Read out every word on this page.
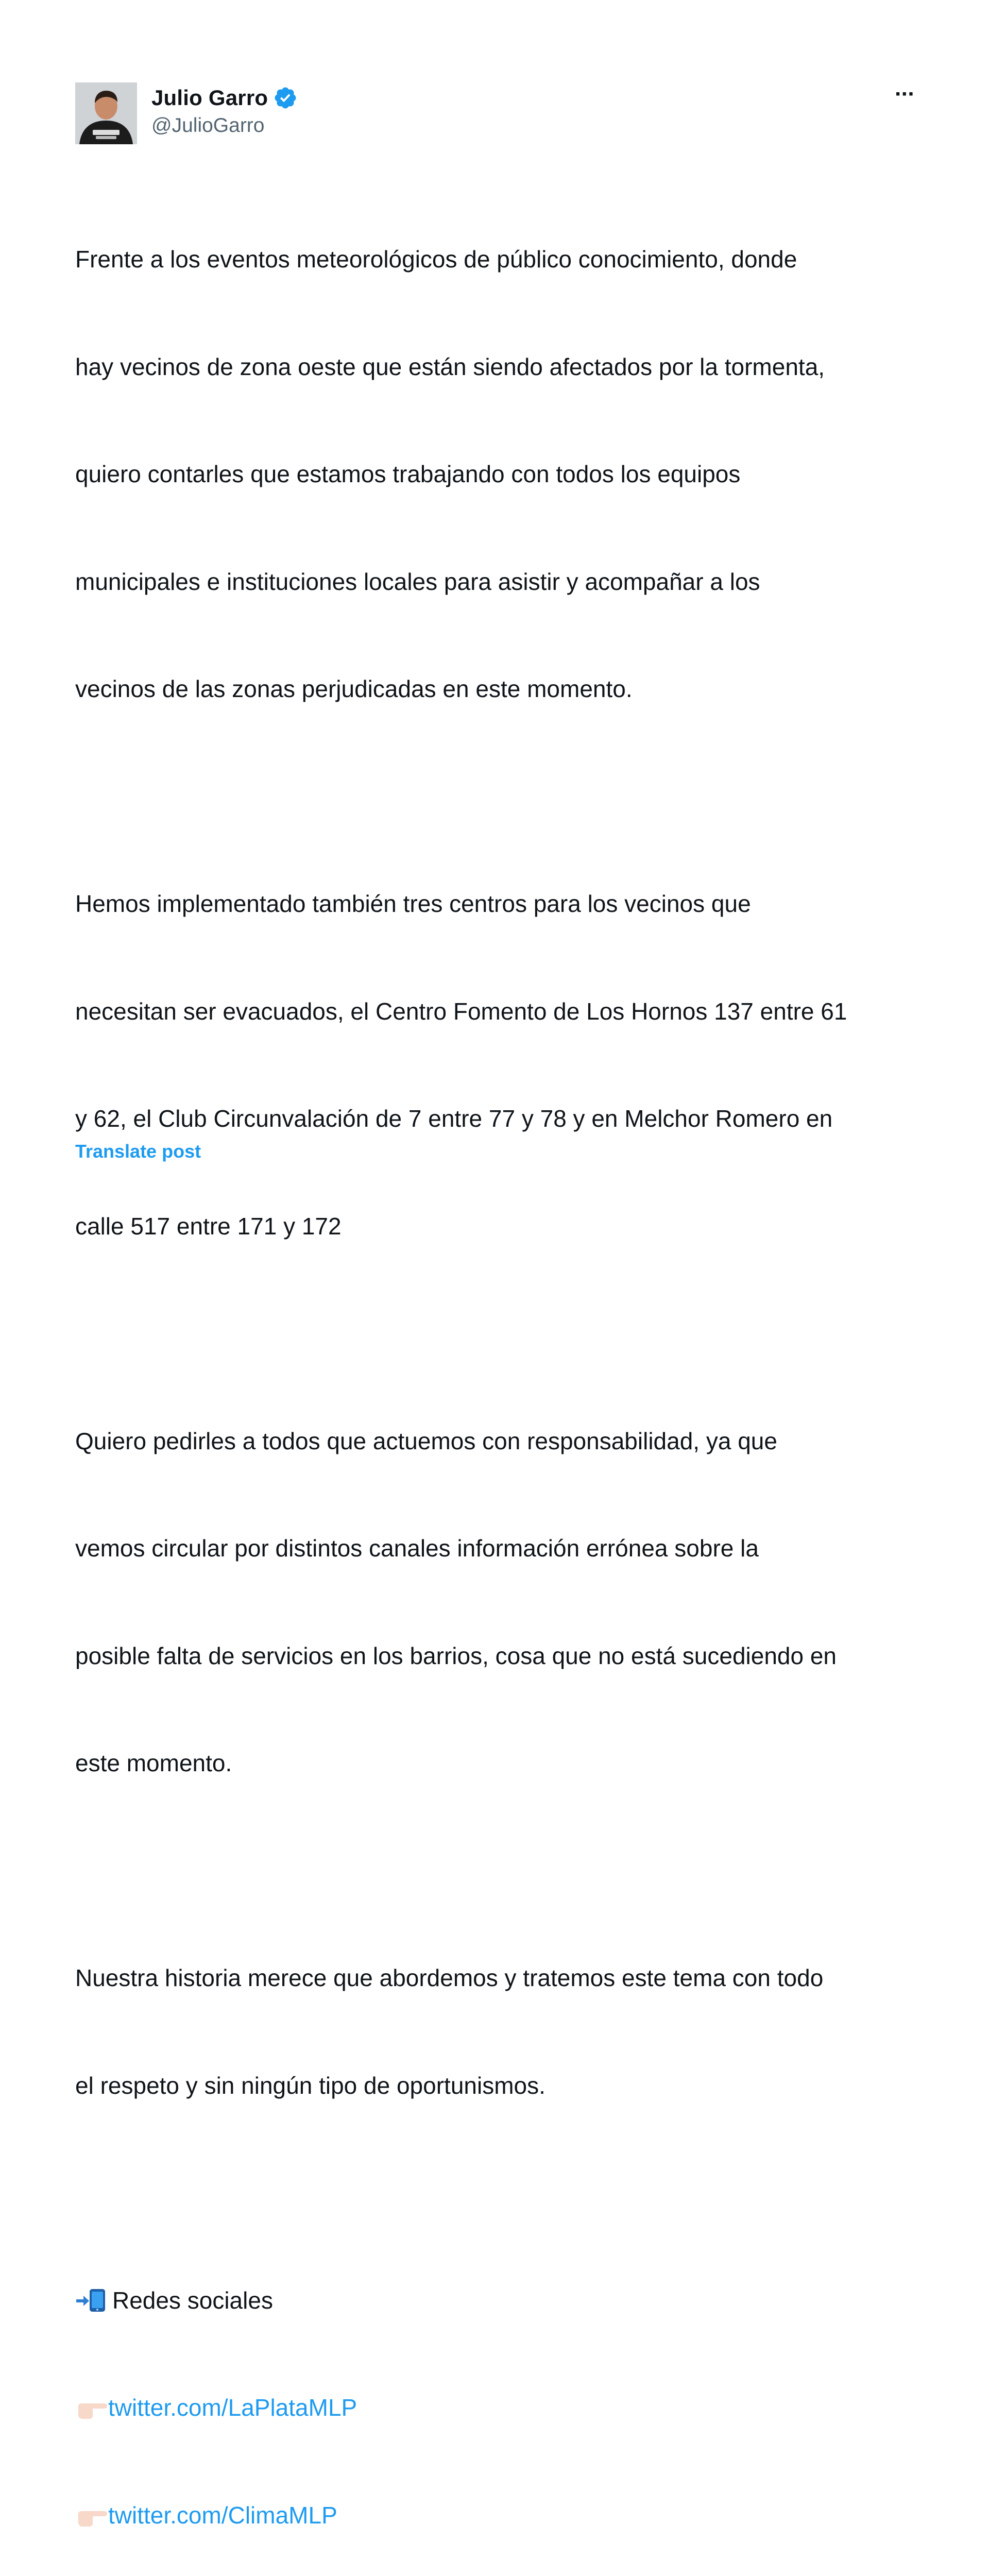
Julio Garro
@JulioGarro
···

Frente a los eventos meteorológicos de público conocimiento, donde

hay vecinos de zona oeste que están siendo afectados por la tormenta,

quiero contarles que estamos trabajando con todos los equipos

municipales e instituciones locales para asistir y acompañar a los

vecinos de las zonas perjudicadas en este momento.

Hemos implementado también tres centros para los vecinos que

necesitan ser evacuados, el Centro Fomento de Los Hornos 137 entre 61

y 62, el Club Circunvalación de 7 entre 77 y 78 y en Melchor Romero en

calle 517 entre 171 y 172

Quiero pedirles a todos que actuemos con responsabilidad, ya que

vemos circular por distintos canales información errónea sobre la

posible falta de servicios en los barrios, cosa que no está sucediendo en

este momento.

Nuestra historia merece que abordemos y tratemos este tema con todo

el respeto y sin ningún tipo de oportunismos.

Redes sociales

twitter.com/LaPlataMLP

twitter.com/ClimaMLP

Translate post
